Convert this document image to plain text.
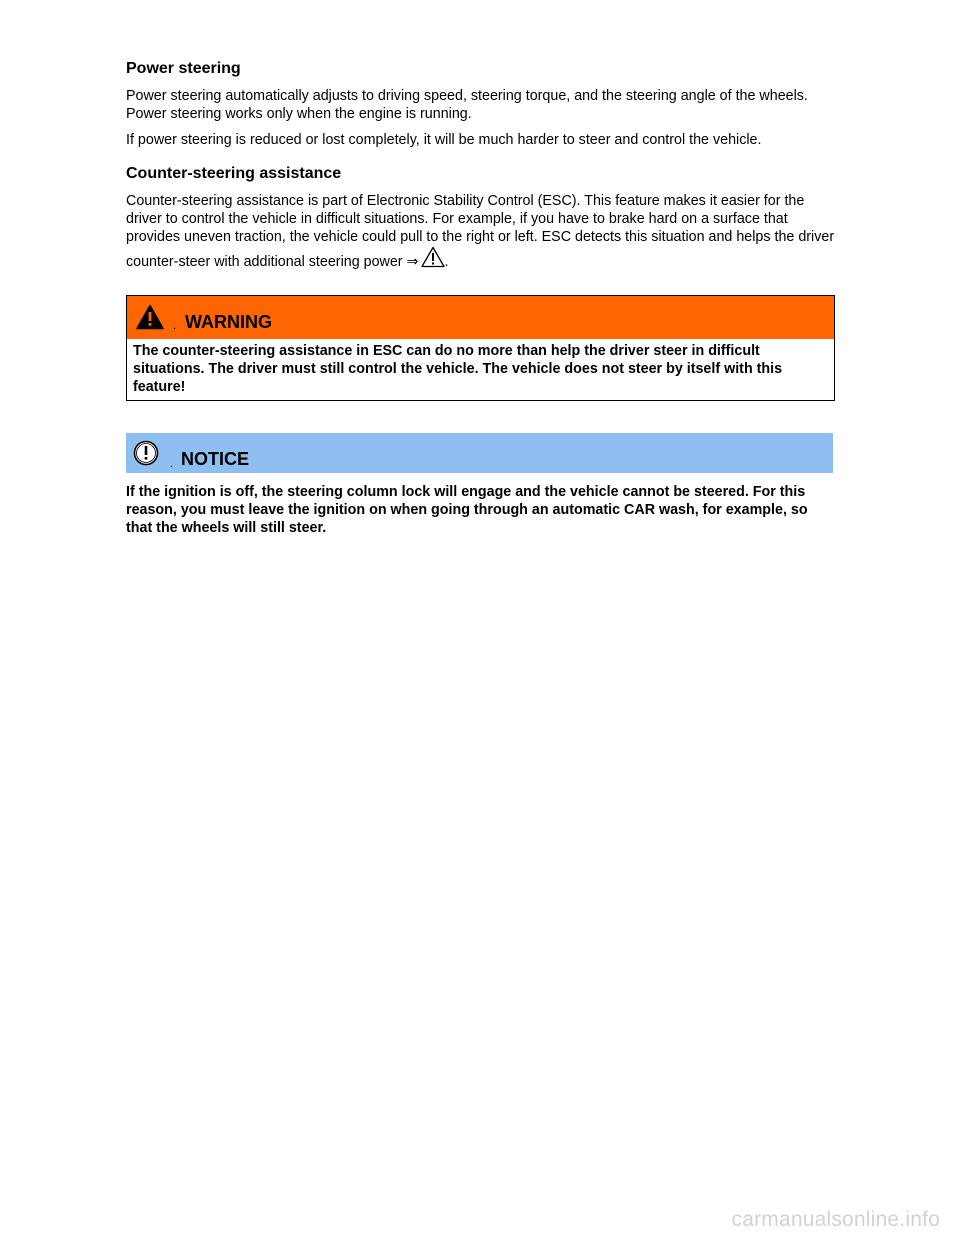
Power steering

Power steering automatically adjusts to driving speed, steering torque, and the steering angle of the wheels. Power steering works only when the engine is running.

If power steering is reduced or lost completely, it will be much harder to steer and control the vehicle.

Counter-steering assistance

Counter-steering assistance is part of Electronic Stability Control (ESC). This feature makes it easier for the driver to control the vehicle in difficult situations. For example, if you have to brake hard on a surface that provides uneven traction, the vehicle could pull to the right or left. ESC detects this situation and helps the driver counter-steer with additional steering power ⇒ .

. WARNING
The counter-steering assistance in ESC can do no more than help the driver steer in difficult situations. The driver must still control the vehicle. The vehicle does not steer by itself with this feature!
. NOTICE
If the ignition is off, the steering column lock will engage and the vehicle cannot be steered. For this reason, you must leave the ignition on when going through an automatic CAR wash, for example, so that the wheels will still steer.
carmanualsonline.info
